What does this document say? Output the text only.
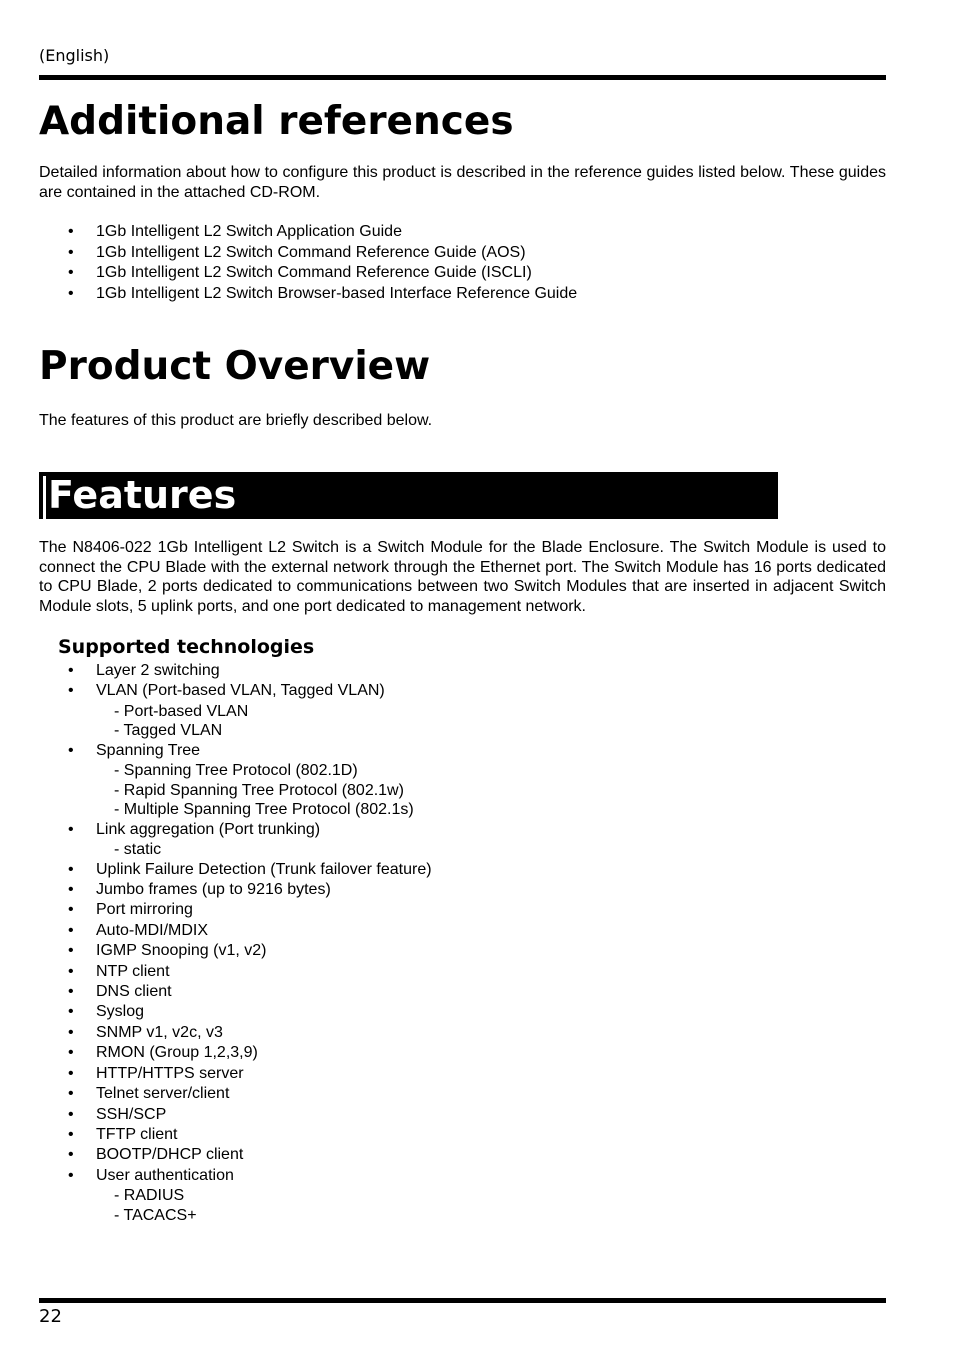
(English)
Additional references

Detailed information about how to configure this product is described in the reference guides listed below. These guides are contained in the attached CD-ROM.

• 1Gb Intelligent L2 Switch Application Guide
• 1Gb Intelligent L2 Switch Command Reference Guide (AOS)
• 1Gb Intelligent L2 Switch Command Reference Guide (ISCLI)
• 1Gb Intelligent L2 Switch Browser-based Interface Reference Guide
Product Overview

The features of this product are briefly described below.

Features

The N8406-022 1Gb Intelligent L2 Switch is a Switch Module for the Blade Enclosure. The Switch Module is used to connect the CPU Blade with the external network through the Ethernet port. The Switch Module has 16 ports dedicated to CPU Blade, 2 ports dedicated to communications between two Switch Modules that are inserted in adjacent Switch Module slots, 5 uplink ports, and one port dedicated to management network.

Supported technologies
• Layer 2 switching
• VLAN (Port-based VLAN, Tagged VLAN)
- Port-based VLAN
- Tagged VLAN
• Spanning Tree
- Spanning Tree Protocol (802.1D)
- Rapid Spanning Tree Protocol (802.1w)
- Multiple Spanning Tree Protocol (802.1s)
• Link aggregation (Port trunking)
- static
• Uplink Failure Detection (Trunk failover feature)
• Jumbo frames (up to 9216 bytes)
• Port mirroring
• Auto-MDI/MDIX
• IGMP Snooping (v1, v2)
• NTP client
• DNS client
• Syslog
• SNMP v1, v2c, v3
• RMON (Group 1,2,3,9)
• HTTP/HTTPS server
• Telnet server/client
• SSH/SCP
• TFTP client
• BOOTP/DHCP client
• User authentication
- RADIUS
- TACACS+
22
